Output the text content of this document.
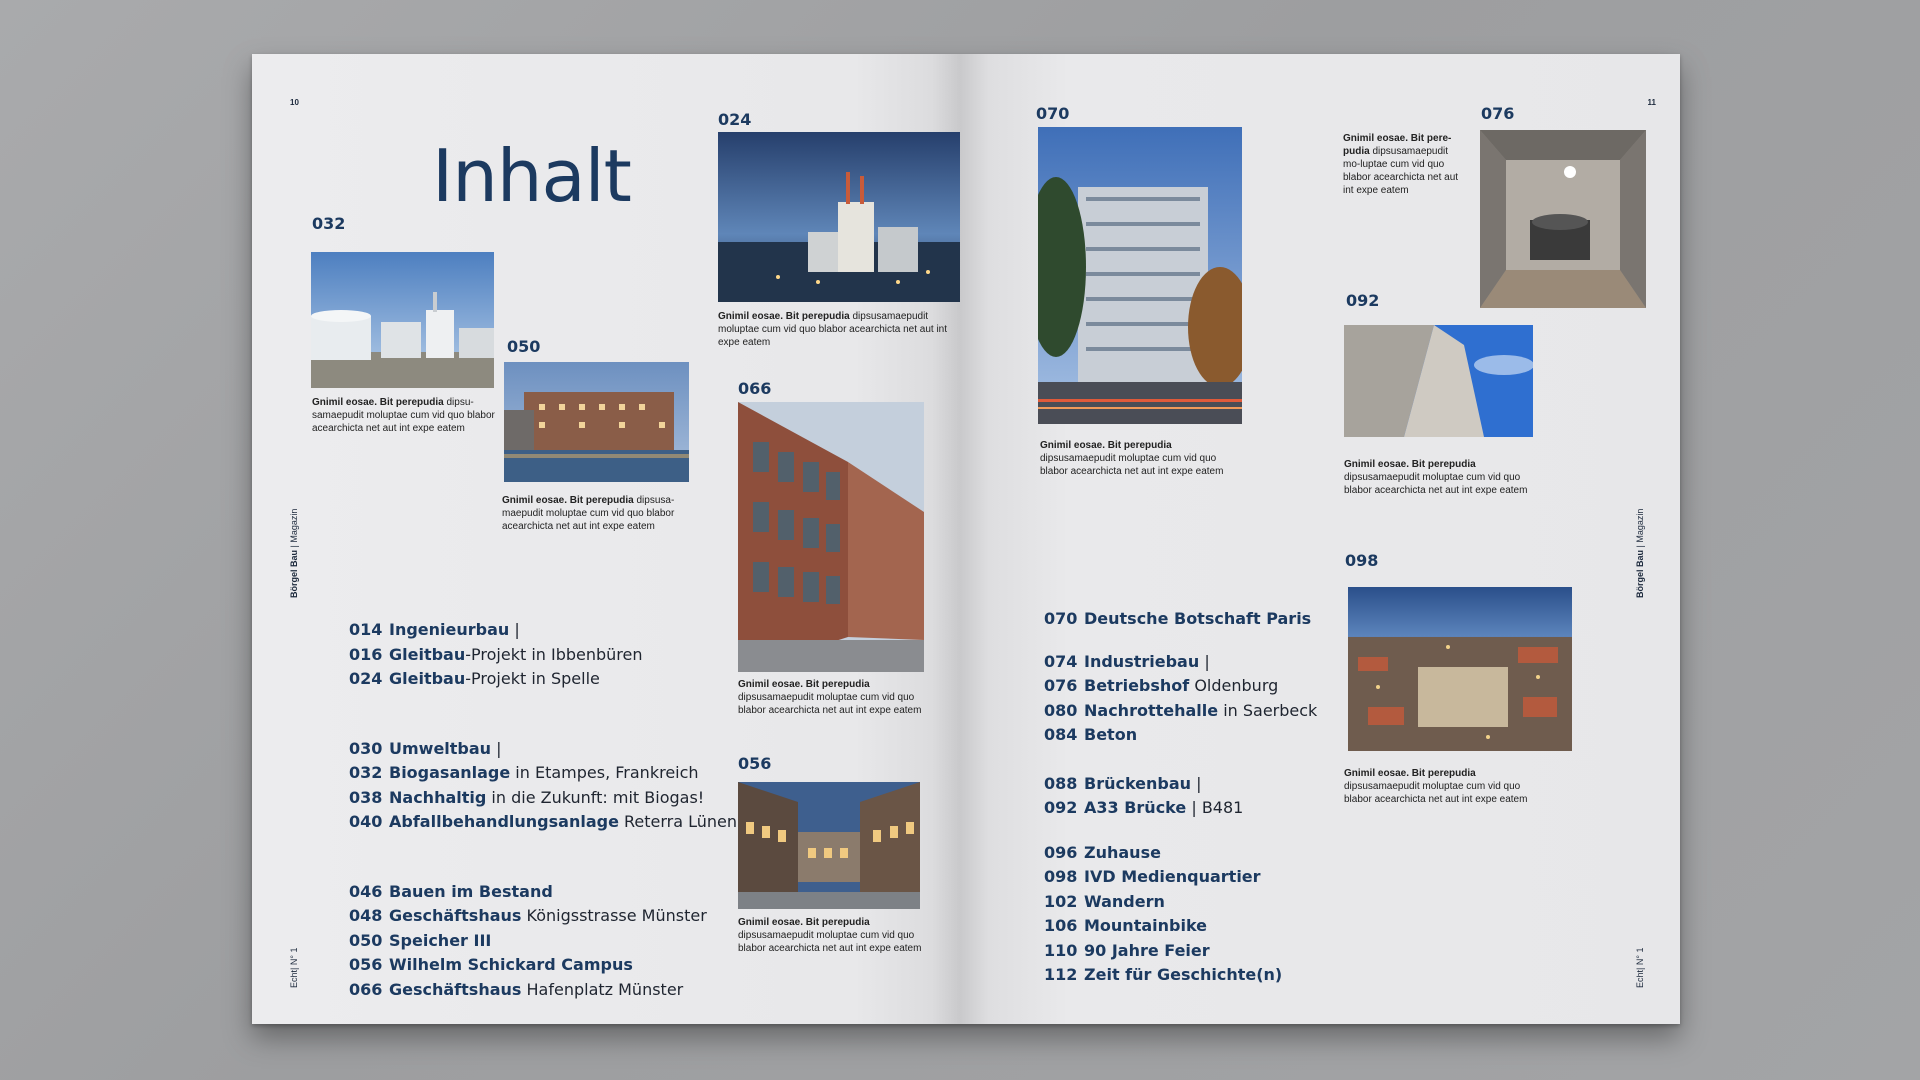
10
Börgel Bau | Magazin
Echt| N° 1
Inhalt
032
Gnimil eosae. Bit perepudia dipsu-samaepudit moluptae cum vid quo blabor acearchicta net aut int expe eatem
050
Gnimil eosae. Bit perepudia dipsusa-maepudit moluptae cum vid quo blabor acearchicta net aut int expe eatem
024
Gnimil eosae. Bit perepudia dipsusamaepudit moluptae cum vid quo blabor acearchicta net aut int expe eatem
066
Gnimil eosae. Bit perepudia dipsusamaepudit moluptae cum vid quo blabor acearchicta net aut int expe eatem
056
Gnimil eosae. Bit perepudia dipsusamaepudit moluptae cum vid quo blabor acearchicta net aut int expe eatem
014 Ingenieurbau |
016 Gleitbau-Projekt in Ibbenbüren
024 Gleitbau-Projekt in Spelle
030 Umweltbau |
032 Biogasanlage in Etampes, Frankreich
038 Nachhaltig in die Zukunft: mit Biogas!
040 Abfallbehandlungsanlage Reterra Lünen
046 Bauen im Bestand
048 Geschäftshaus Königsstrasse Münster
050 Speicher III
056 Wilhelm Schickard Campus
066 Geschäftshaus Hafenplatz Münster
11
Börgel Bau | Magazin
Echt| N° 1
070
Gnimil eosae. Bit perepudia dipsusamaepudit moluptae cum vid quo blabor acearchicta net aut int expe eatem
076
Gnimil eosae. Bit pere-pudia dipsusamaepudit mo-luptae cum vid quo blabor acearchicta net aut int expe eatem
092
Gnimil eosae. Bit perepudia dipsusamaepudit moluptae cum vid quo blabor acearchicta net aut int expe eatem
098
Gnimil eosae. Bit perepudia dipsusamaepudit moluptae cum vid quo blabor acearchicta net aut int expe eatem
070 Deutsche Botschaft Paris
074 Industriebau |
076 Betriebshof Oldenburg
080 Nachrottehalle in Saerbeck
084 Beton
088 Brückenbau |
092 A33 Brücke | B481
096 Zuhause
098 IVD Medienquartier
102 Wandern
106 Mountainbike
110 90 Jahre Feier
112 Zeit für Geschichte(n)
